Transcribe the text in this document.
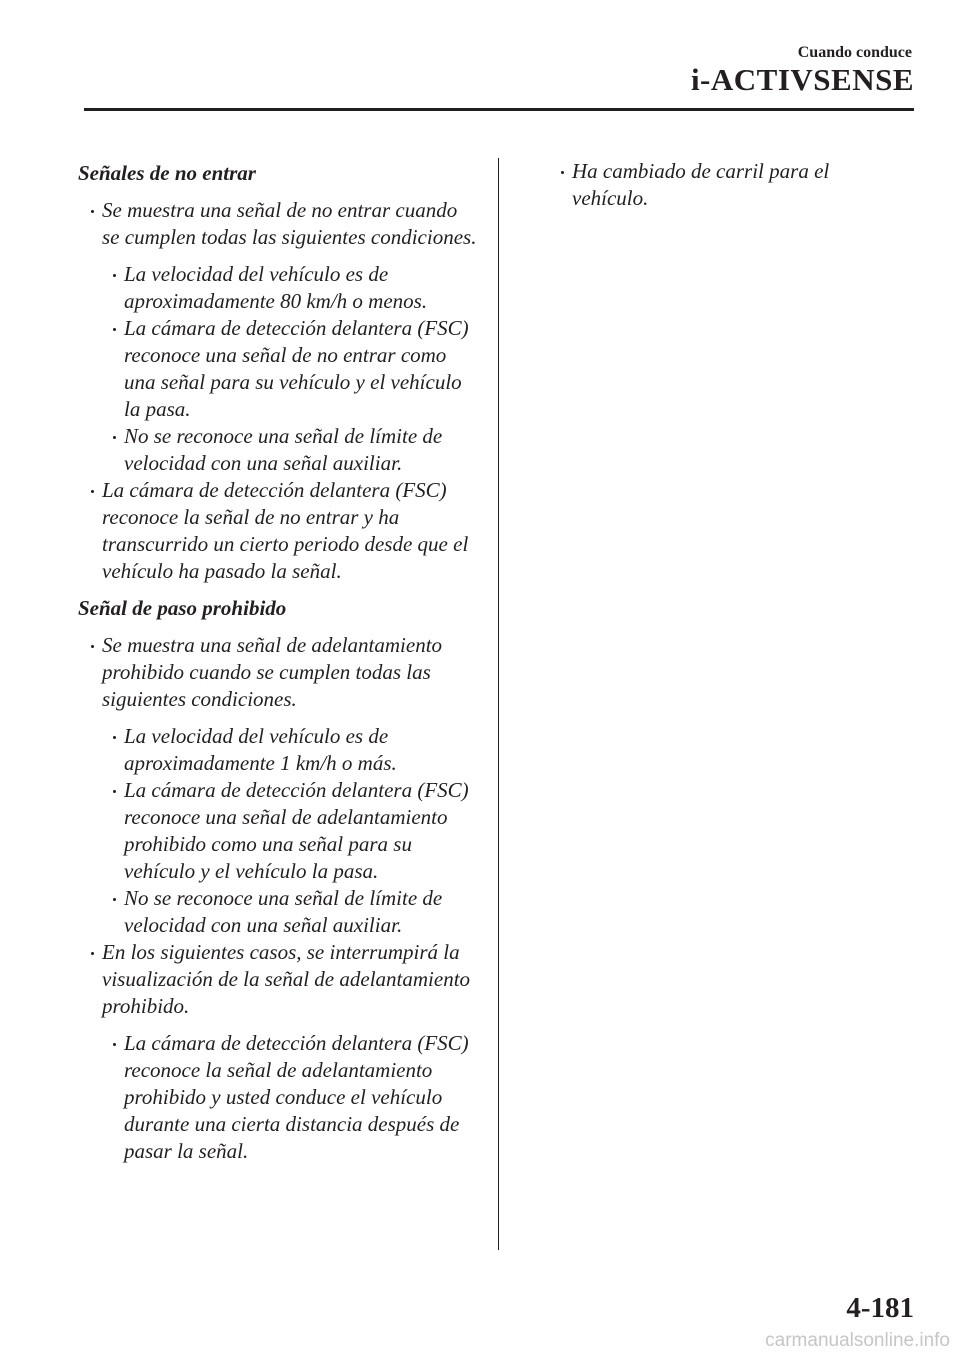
Cuando conduce
i-ACTIVSENSE
Señales de no entrar
Se muestra una señal de no entrar cuando se cumplen todas las siguientes condiciones.
La velocidad del vehículo es de aproximadamente 80 km/h o menos.
La cámara de detección delantera (FSC) reconoce una señal de no entrar como una señal para su vehículo y el vehículo la pasa.
No se reconoce una señal de límite de velocidad con una señal auxiliar.
La cámara de detección delantera (FSC) reconoce la señal de no entrar y ha transcurrido un cierto periodo desde que el vehículo ha pasado la señal.
Señal de paso prohibido
Se muestra una señal de adelantamiento prohibido cuando se cumplen todas las siguientes condiciones.
La velocidad del vehículo es de aproximadamente 1 km/h o más.
La cámara de detección delantera (FSC) reconoce una señal de adelantamiento prohibido como una señal para su vehículo y el vehículo la pasa.
No se reconoce una señal de límite de velocidad con una señal auxiliar.
En los siguientes casos, se interrumpirá la visualización de la señal de adelantamiento prohibido.
La cámara de detección delantera (FSC) reconoce la señal de adelantamiento prohibido y usted conduce el vehículo durante una cierta distancia después de pasar la señal.
Ha cambiado de carril para el vehículo.
4-181
carmanualsonline.info
